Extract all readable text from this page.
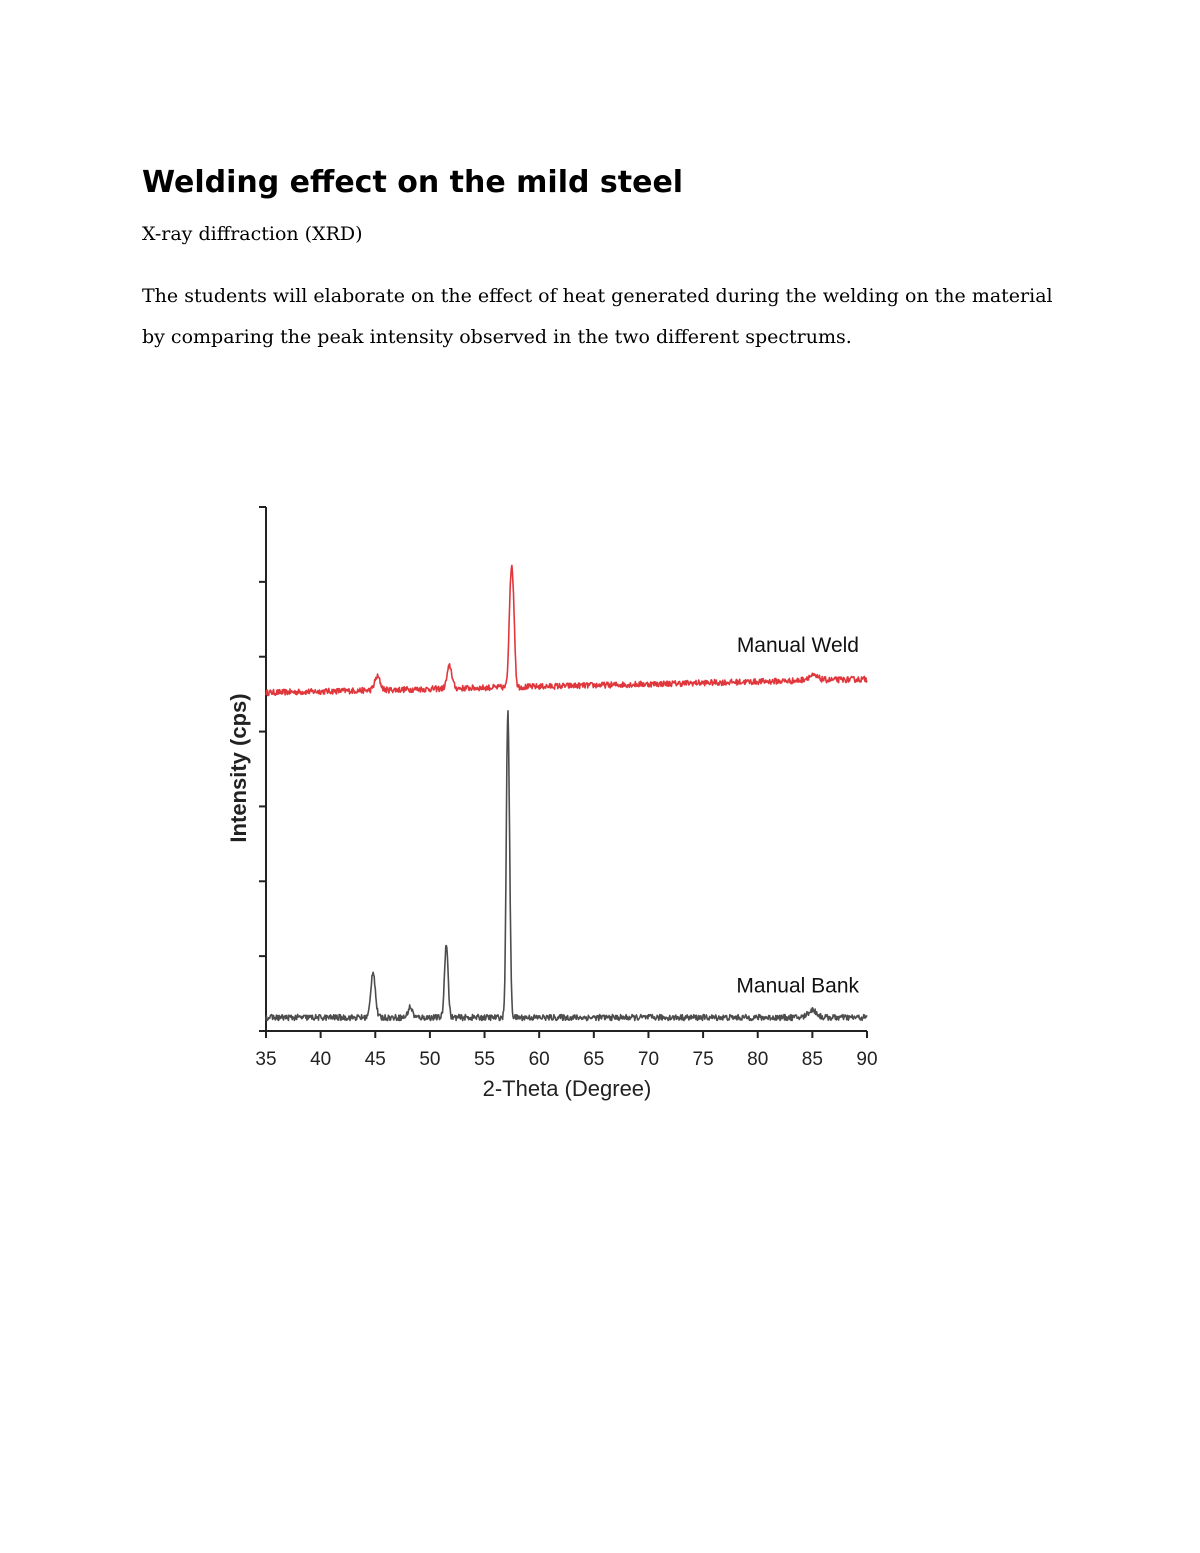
Welding effect on the mild steel

X-ray diffraction (XRD)

The students will elaborate on the effect of heat generated during the welding on the material by comparing the peak intensity observed in the two different spectrums.

2-Theta (Degree)
Intensity (cps)
35 40 45 50 55 60 65 70 75 80 85 90
Manual Weld
Manual Bank
